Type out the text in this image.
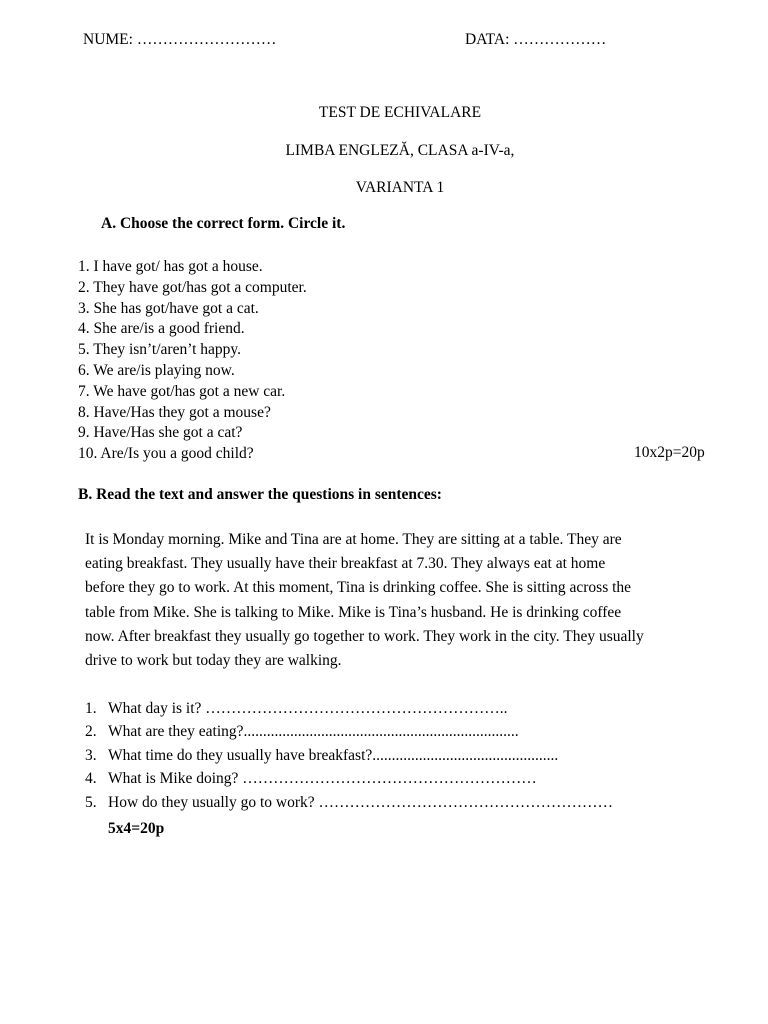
NUME: ………………………	DATA: ………………
TEST DE ECHIVALARE
LIMBA ENGLEZĂ, CLASA a-IV-a,
VARIANTA 1
A. Choose the correct form. Circle it.
1. I have got/ has got a house.
2. They have got/has got a computer.
3. She has got/have got a cat.
4. She are/is a good friend.
5. They isn’t/aren’t happy.
6. We are/is playing now.
7. We have got/has got a new car.
8. Have/Has they got a mouse?
9. Have/Has she got a cat?
10. Are/Is you a good child?	10x2p=20p
B. Read the text and answer the questions in sentences:
It is Monday morning. Mike and Tina are at home. They are sitting at a table. They are
eating breakfast. They usually have their breakfast at 7.30. They always eat at home
before they go to work. At this moment, Tina is drinking coffee. She is sitting across the
table from Mike. She is talking to Mike. Mike is Tina’s husband. He is drinking coffee
now. After breakfast they usually go together to work. They work in the city. They usually
drive to work but today they are walking.
1. What day is it? …………………………………………………..
2. What are they eating?.......................................................................
3. What time do they usually have breakfast?................................................
4. What is Mike doing? …………………………………………………
5. How do they usually go to work? …………………………………………………
5x4=20p
